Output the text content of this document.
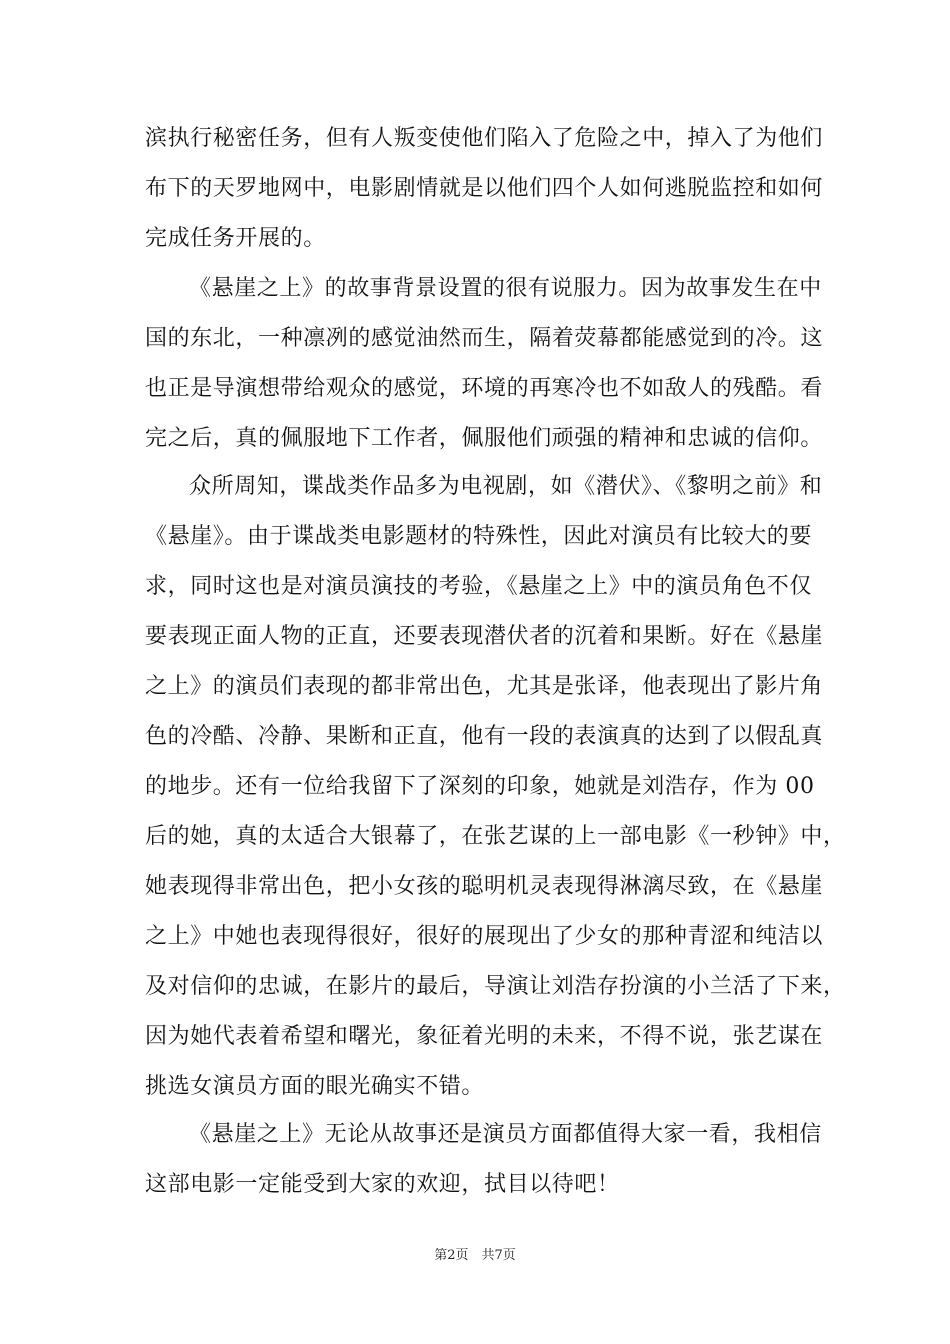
滨执行秘密任务，但有人叛变使他们陷入了危险之中，掉入了为他们
布下的天罗地网中，电影剧情就是以他们四个人如何逃脱监控和如何
完成任务开展的。
《悬崖之上》的故事背景设置的很有说服力。因为故事发生在中
国的东北，一种凛冽的感觉油然而生，隔着荧幕都能感觉到的冷。这
也正是导演想带给观众的感觉，环境的再寒冷也不如敌人的残酷。看
完之后，真的佩服地下工作者，佩服他们顽强的精神和忠诚的信仰。
众所周知，谍战类作品多为电视剧，如《潜伏》、《黎明之前》和
《悬崖》。由于谍战类电影题材的特殊性，因此对演员有比较大的要
求，同时这也是对演员演技的考验，《悬崖之上》中的演员角色不仅
要表现正面人物的正直，还要表现潜伏者的沉着和果断。好在《悬崖
之上》的演员们表现的都非常出色，尤其是张译，他表现出了影片角
色的冷酷、冷静、果断和正直，他有一段的表演真的达到了以假乱真
的地步。还有一位给我留下了深刻的印象，她就是刘浩存，作为 00
后的她，真的太适合大银幕了，在张艺谋的上一部电影《一秒钟》中，
她表现得非常出色，把小女孩的聪明机灵表现得淋漓尽致，在《悬崖
之上》中她也表现得很好，很好的展现出了少女的那种青涩和纯洁以
及对信仰的忠诚，在影片的最后，导演让刘浩存扮演的小兰活了下来，
因为她代表着希望和曙光，象征着光明的未来，不得不说，张艺谋在
挑选女演员方面的眼光确实不错。
《悬崖之上》无论从故事还是演员方面都值得大家一看，我相信
这部电影一定能受到大家的欢迎，拭目以待吧！
第2页　共7页
